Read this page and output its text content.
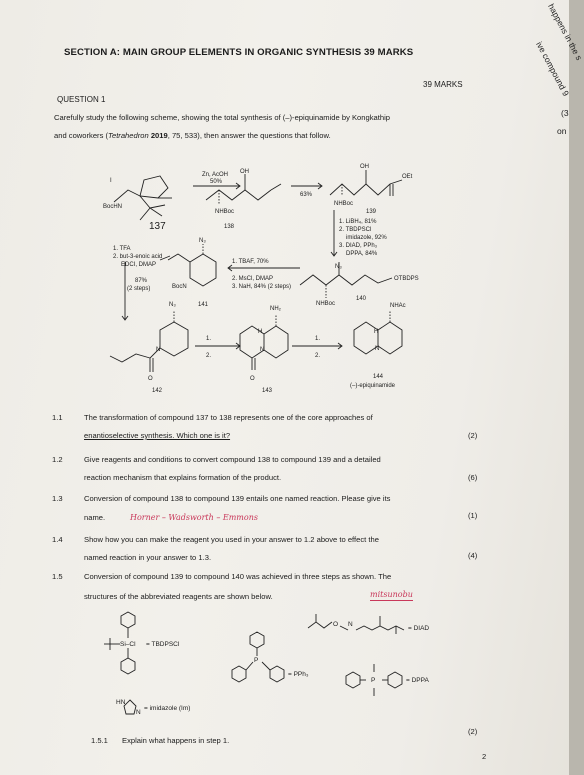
happens in the s
ive compound 9
(3
on
SECTION A: MAIN GROUP ELEMENTS IN ORGANIC SYNTHESIS 39 MARKS
39 MARKS
QUESTION 1
Carefully study the following scheme, showing the total synthesis of (–)-epiquinamide by Kongkathip
and coworkers (Tetrahedron 2019, 75, 533), then answer the questions that follow.
BocHN
I
137
Zn, AcOH
50%
OH
NHBoc
138
63%
OH
OEt
NHBoc
139
1. LiBH₄, 81%
2. TBDPSCl
imidazole, 92%
3. DIAD, PPh₃
DPPA, 84%
N₃
OTBDPS
NHBoc
140
1. TBAF, 70%
2. MsCl, DMAP
3. NaH, 84% (2 steps)
N₃
BocN
141
1. TFA
2. but-3-enoic acid
EDCI, DMAP
87%
(2 steps)
N₃
N
O
142
1.
2.
H
NH₂
N
O
143
1.
2.
H
NHAc
N
144
(–)-epiquinamide
1.1	The transformation of compound 137 to 138 represents one of the core approaches of
enantioselective synthesis. Which one is it?	(2)
1.2	Give reagents and conditions to convert compound 138 to compound 139 and a detailed
reaction mechanism that explains formation of the product.	(6)
1.3	Conversion of compound 138 to compound 139 entails one named reaction. Please give its
name.	Horner – Wadsworth – Emmons	(1)
1.4	Show how you can make the reagent you used in your answer to 1.2 above to effect the
named reaction in your answer to 1.3.	(4)
1.5	Conversion of compound 139 to compound 140 was achieved in three steps as shown. The
structures of the abbreviated reagents are shown below.	mitsunobu
Si–Cl = TBDPSCl
P
= PPh₃
O N
= DIAD
P	= DPPA
HN
N
= imidazole (Im)
1.5.1 Explain what happens in step 1.
(2)
2
